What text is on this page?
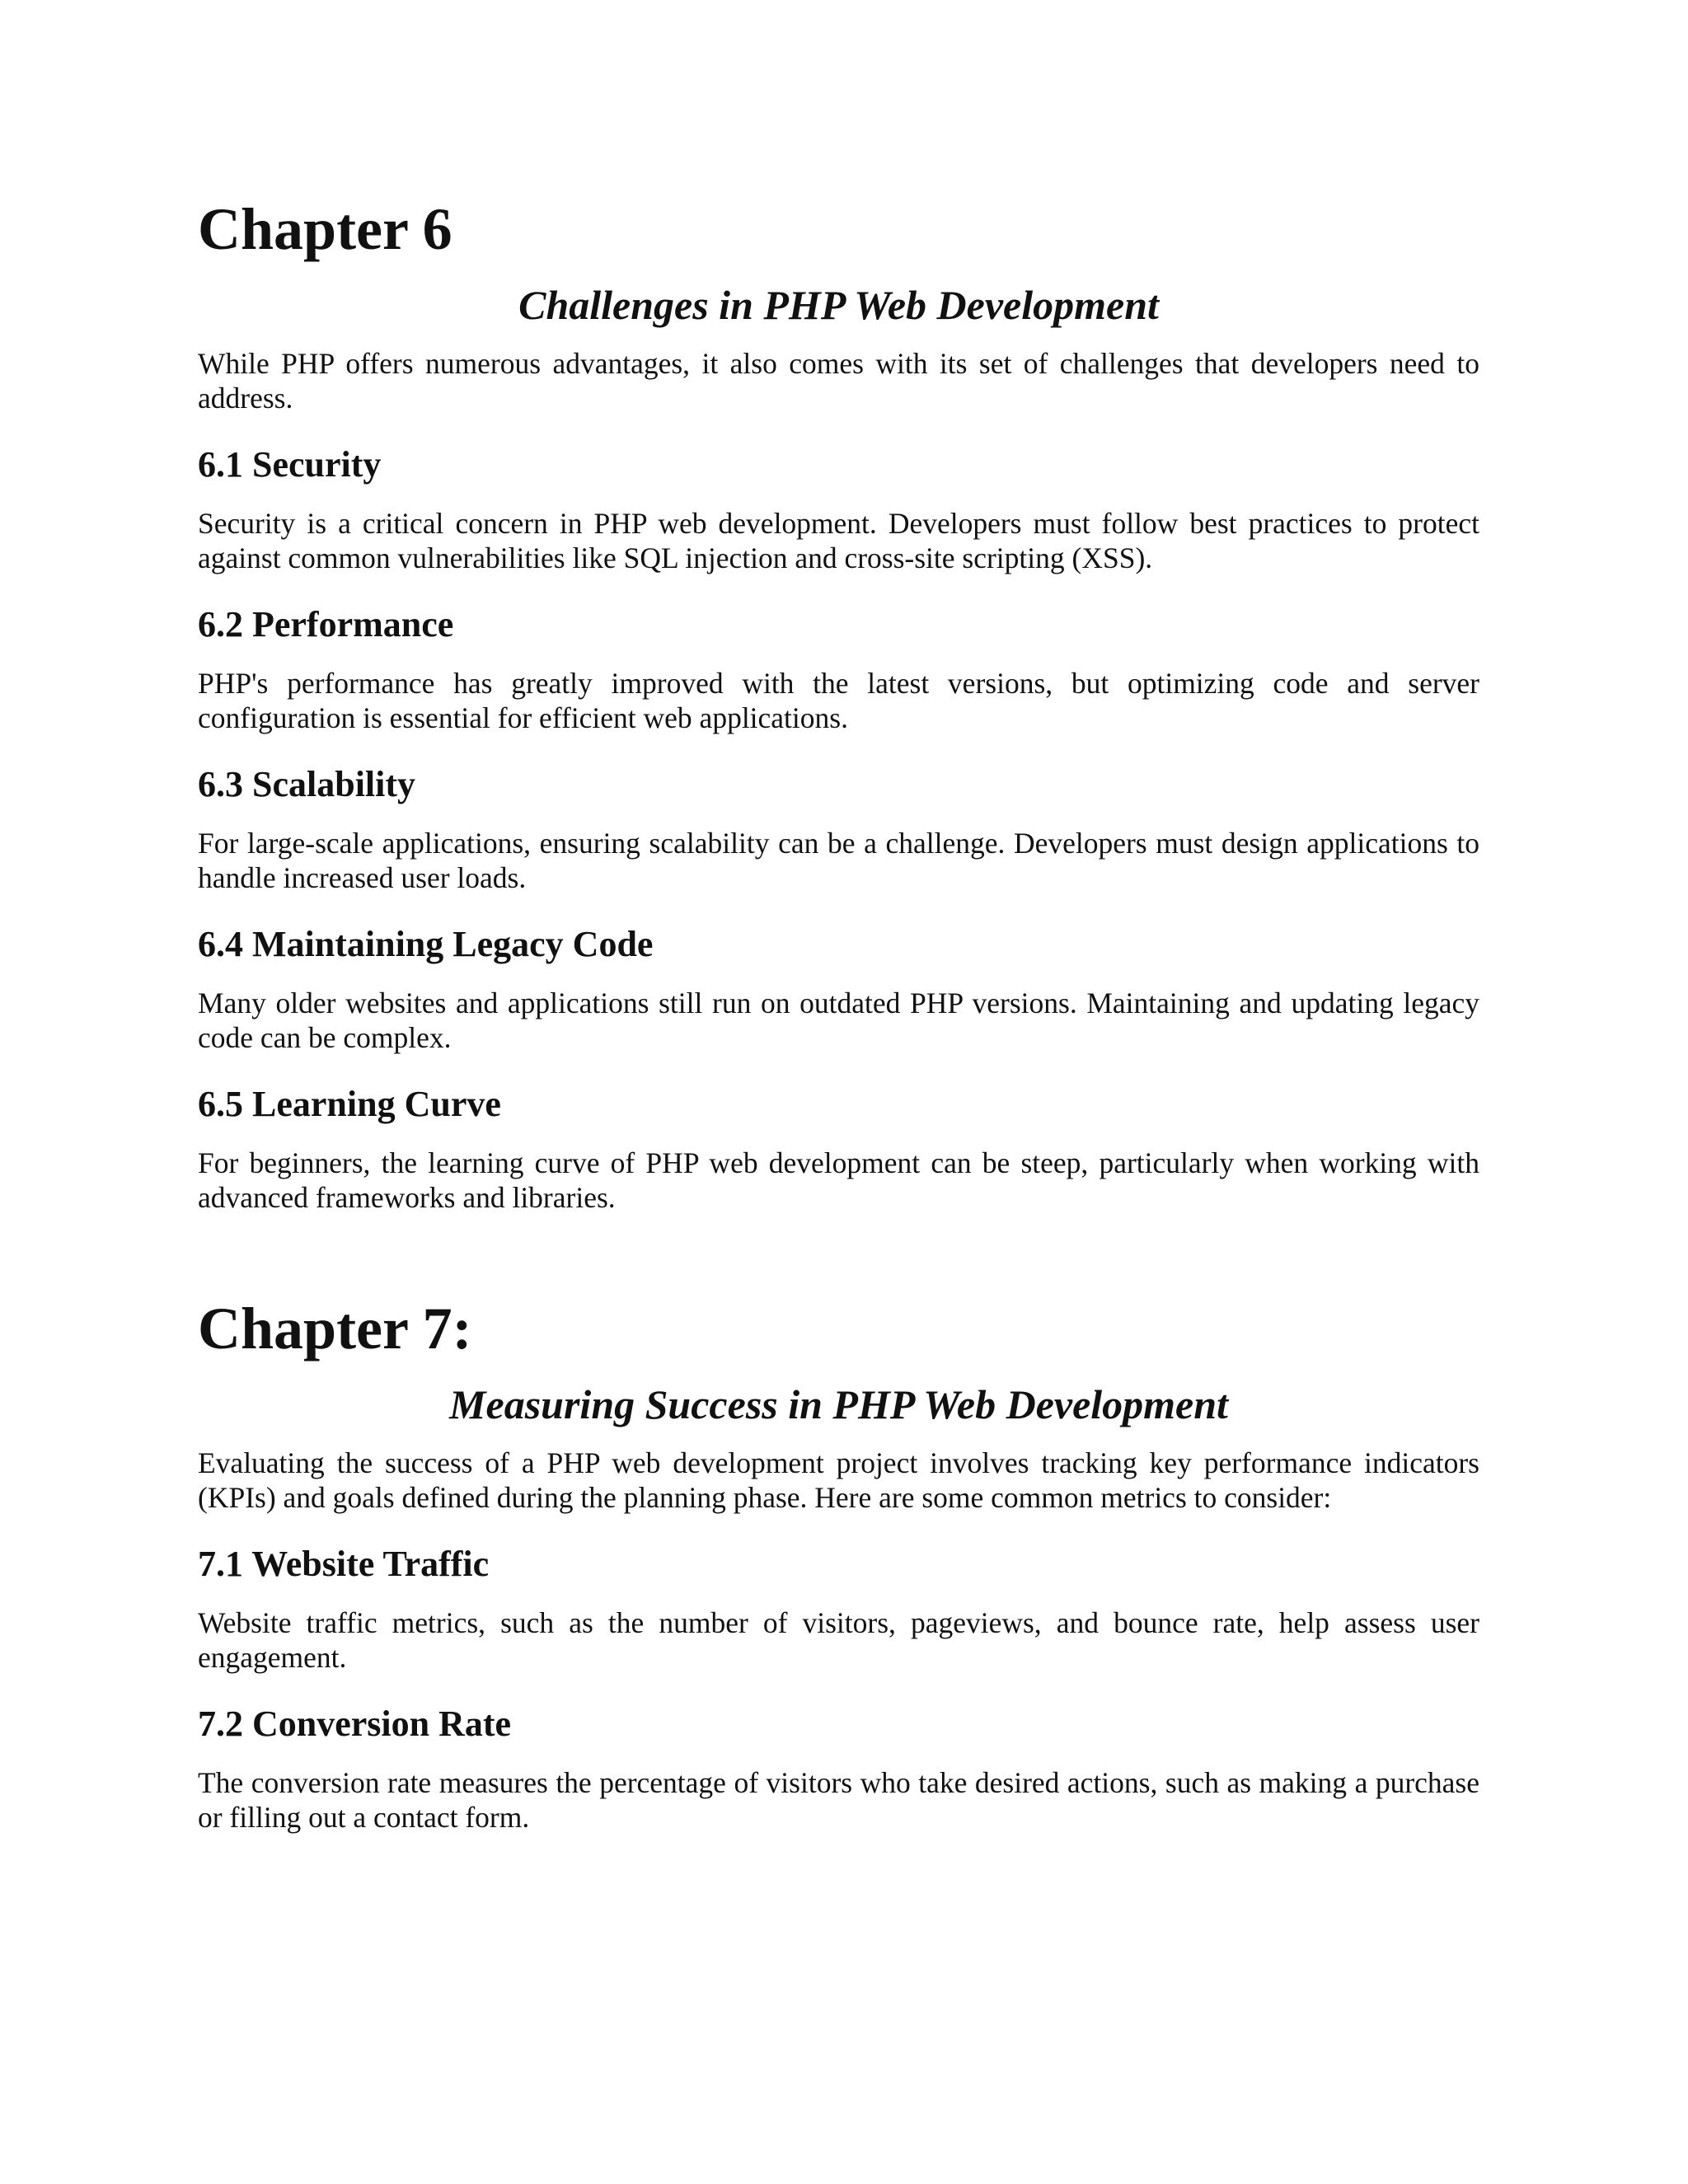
Chapter 6
Challenges in PHP Web Development

While PHP offers numerous advantages, it also comes with its set of challenges that developers need to address.

6.1 Security

Security is a critical concern in PHP web development. Developers must follow best practices to protect against common vulnerabilities like SQL injection and cross-site scripting (XSS).

6.2 Performance

PHP's performance has greatly improved with the latest versions, but optimizing code and server configuration is essential for efficient web applications.

6.3 Scalability

For large-scale applications, ensuring scalability can be a challenge. Developers must design applications to handle increased user loads.

6.4 Maintaining Legacy Code

Many older websites and applications still run on outdated PHP versions. Maintaining and updating legacy code can be complex.

6.5 Learning Curve

For beginners, the learning curve of PHP web development can be steep, particularly when working with advanced frameworks and libraries.

Chapter 7:
Measuring Success in PHP Web Development

Evaluating the success of a PHP web development project involves tracking key performance indicators (KPIs) and goals defined during the planning phase. Here are some common metrics to consider:

7.1 Website Traffic

Website traffic metrics, such as the number of visitors, pageviews, and bounce rate, help assess user engagement.

7.2 Conversion Rate

The conversion rate measures the percentage of visitors who take desired actions, such as making a purchase or filling out a contact form.
